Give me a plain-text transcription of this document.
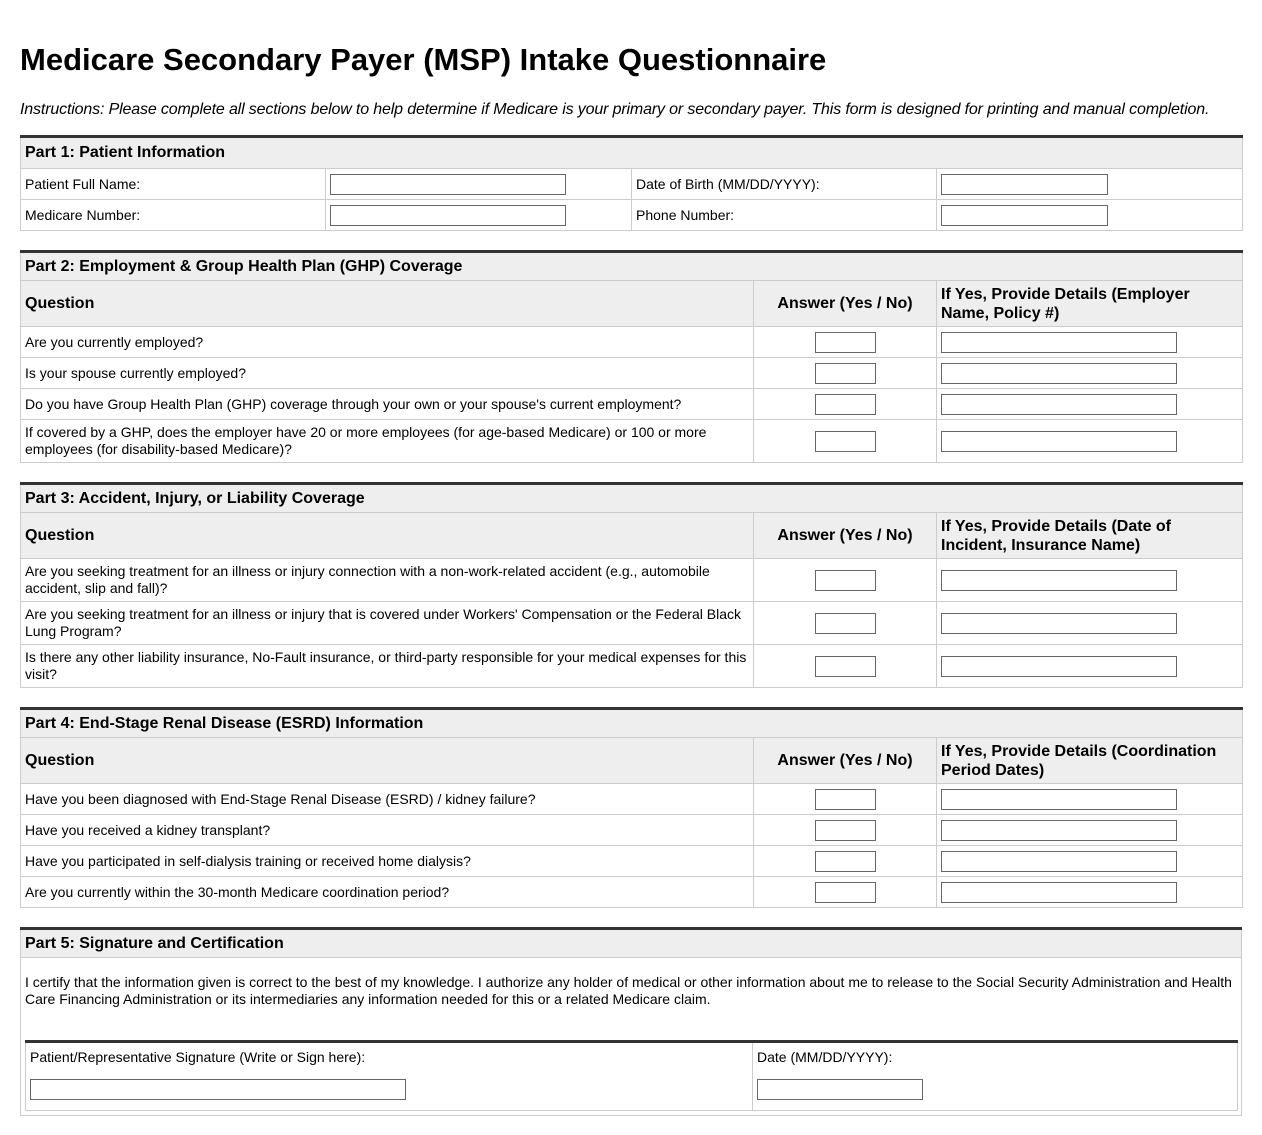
Medicare Secondary Payer (MSP) Intake Questionnaire

Instructions: Please complete all sections below to help determine if Medicare is your primary or secondary payer. This form is designed for printing and manual completion.

Part 1: Patient Information			
Patient Full Name:		Date of Birth (MM/DD/YYYY):	
Medicare Number:		Phone Number:	
Part 2: Employment & Group Health Plan (GHP) Coverage		
Question	Answer (Yes / No)	If Yes, Provide Details (Employer Name, Policy #)
Are you currently employed?		
Is your spouse currently employed?		
Do you have Group Health Plan (GHP) coverage through your own or your spouse's current employment?		
If covered by a GHP, does the employer have 20 or more employees (for age-based Medicare) or 100 or more employees (for disability-based Medicare)?		
Part 3: Accident, Injury, or Liability Coverage		
Question	Answer (Yes / No)	If Yes, Provide Details (Date of Incident, Insurance Name)
Are you seeking treatment for an illness or injury connection with a non-work-related accident (e.g., automobile accident, slip and fall)?		
Are you seeking treatment for an illness or injury that is covered under Workers' Compensation or the Federal Black Lung Program?		
Is there any other liability insurance, No-Fault insurance, or third-party responsible for your medical expenses for this visit?		
Part 4: End-Stage Renal Disease (ESRD) Information		
Question	Answer (Yes / No)	If Yes, Provide Details (Coordination Period Dates)
Have you been diagnosed with End-Stage Renal Disease (ESRD) / kidney failure?		
Have you received a kidney transplant?		
Have you participated in self-dialysis training or received home dialysis?		
Are you currently within the 30-month Medicare coordination period?		
Part 5: Signature and Certification

I certify that the information given is correct to the best of my knowledge. I authorize any holder of medical or other information about me to release to the Social Security Administration and Health Care Financing Administration or its intermediaries any information needed for this or a related Medicare claim.
Patient/Representative Signature (Write or Sign here):	Date (MM/DD/YYYY):
